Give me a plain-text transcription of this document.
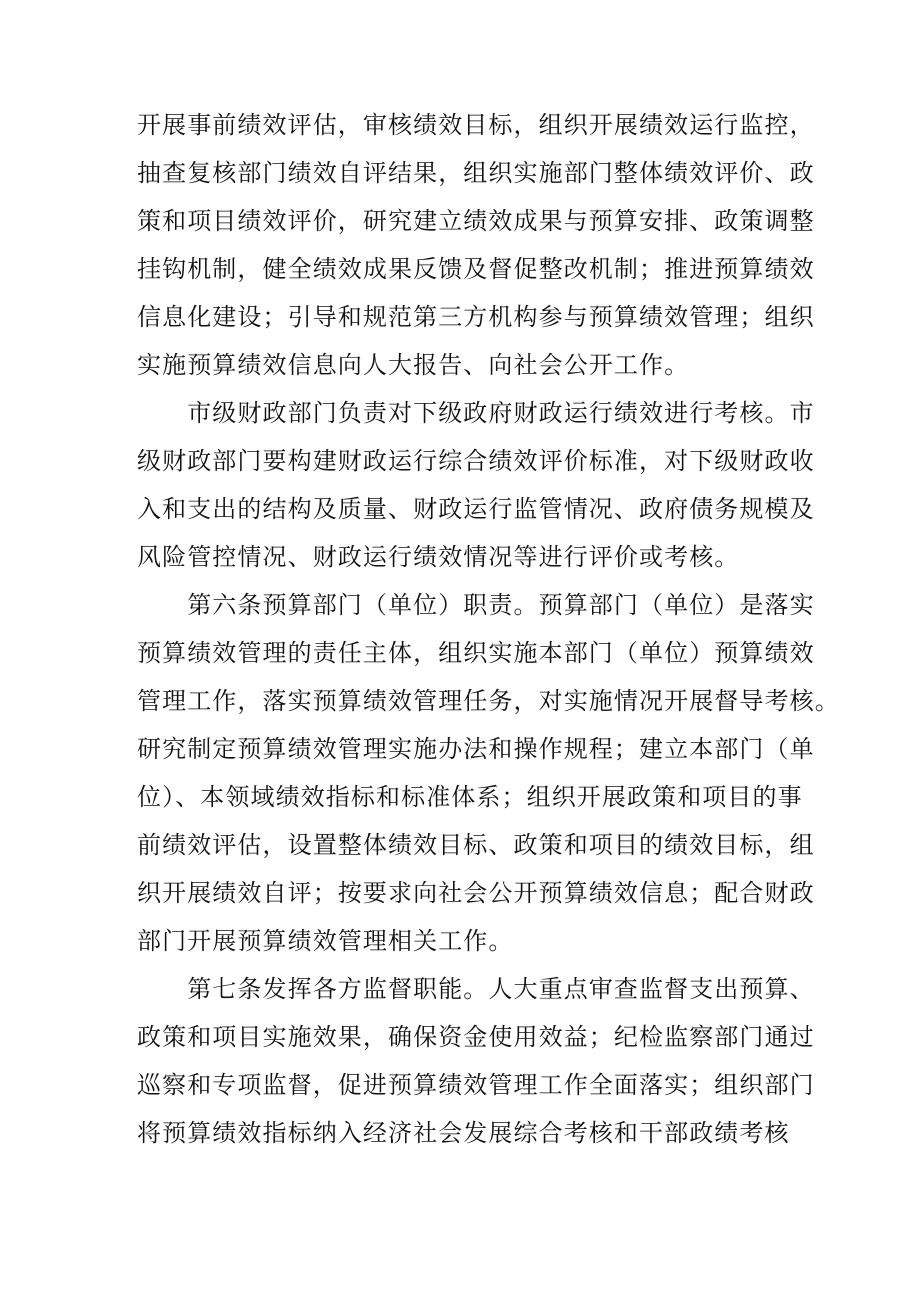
开展事前绩效评估，审核绩效目标，组织开展绩效运行监控，
抽查复核部门绩效自评结果，组织实施部门整体绩效评价、政
策和项目绩效评价，研究建立绩效成果与预算安排、政策调整
挂钩机制，健全绩效成果反馈及督促整改机制；推进预算绩效
信息化建设；引导和规范第三方机构参与预算绩效管理；组织
实施预算绩效信息向人大报告、向社会公开工作。
　　市级财政部门负责对下级政府财政运行绩效进行考核。市
级财政部门要构建财政运行综合绩效评价标准，对下级财政收
入和支出的结构及质量、财政运行监管情况、政府债务规模及
风险管控情况、财政运行绩效情况等进行评价或考核。
　　第六条预算部门（单位）职责。预算部门（单位）是落实
预算绩效管理的责任主体，组织实施本部门（单位）预算绩效
管理工作，落实预算绩效管理任务，对实施情况开展督导考核。
研究制定预算绩效管理实施办法和操作规程；建立本部门（单
位）、本领域绩效指标和标准体系；组织开展政策和项目的事
前绩效评估，设置整体绩效目标、政策和项目的绩效目标，组
织开展绩效自评；按要求向社会公开预算绩效信息；配合财政
部门开展预算绩效管理相关工作。
　　第七条发挥各方监督职能。人大重点审查监督支出预算、
政策和项目实施效果，确保资金使用效益；纪检监察部门通过
巡察和专项监督，促进预算绩效管理工作全面落实；组织部门
将预算绩效指标纳入经济社会发展综合考核和干部政绩考核
